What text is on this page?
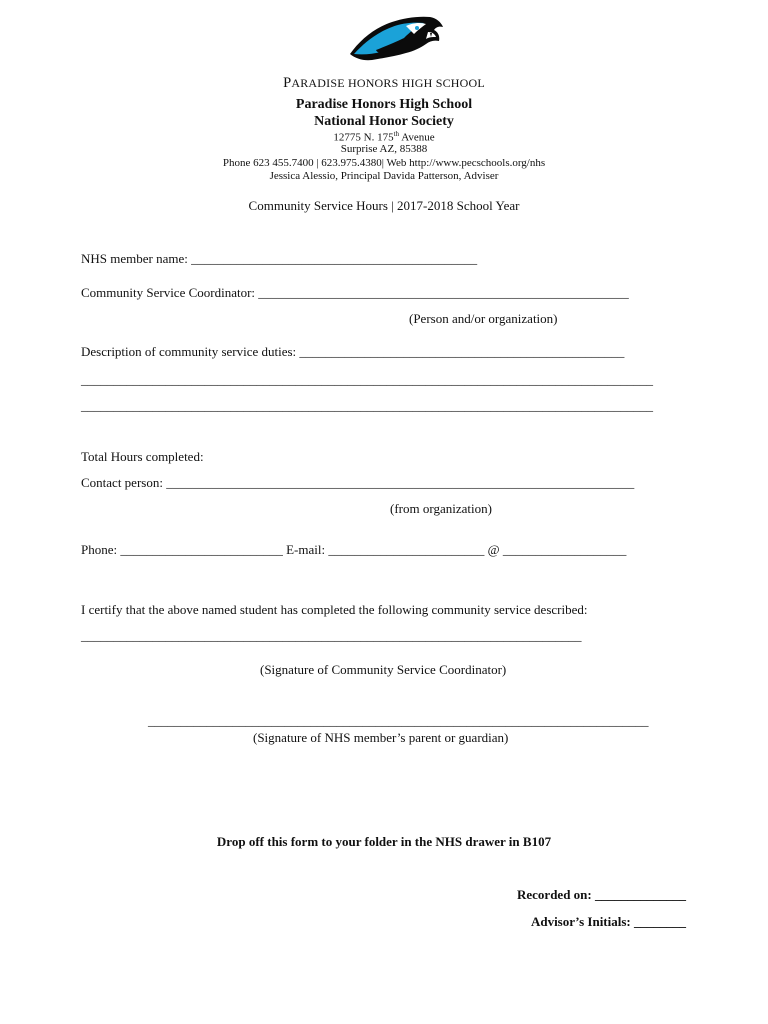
PARADISE HONORS HIGH SCHOOL
Paradise Honors High School
National Honor Society
12775 N. 175th Avenue
Surprise AZ, 85388
Phone 623 455.7400 | 623.975.4380| Web http://www.pecschools.org/nhs
Jessica Alessio, Principal Davida Patterson, Adviser
Community Service Hours | 2017-2018 School Year
NHS member name: ____________________________________________
Community Service Coordinator: _________________________________________________________
(Person and/or organization)
Description of community service duties: __________________________________________________
________________________________________________________________________________________
________________________________________________________________________________________
Total Hours completed:
Contact person: ________________________________________________________________________
(from organization)
Phone: _________________________ E-mail: ________________________ @ ___________________
I certify that the above named student has completed the following community service described:
_____________________________________________________________________________
(Signature of Community Service Coordinator)
_____________________________________________________________________________
(Signature of NHS member’s parent or guardian)
Drop off this form to your folder in the NHS drawer in B107
Recorded on: ______________
Advisor’s Initials: ________
